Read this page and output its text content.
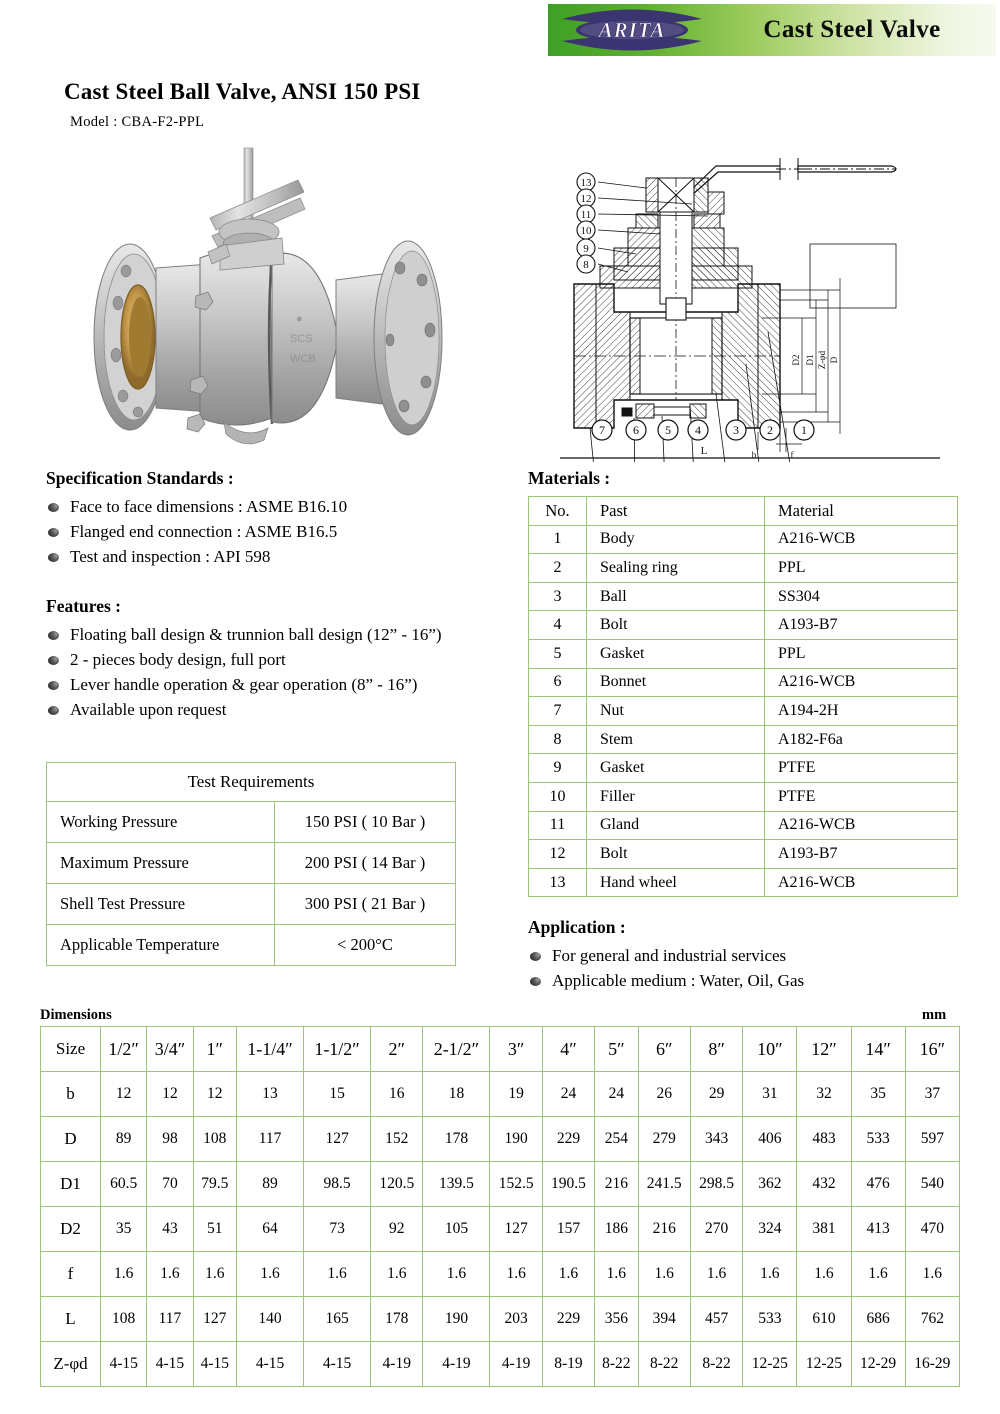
ARITA	Cast Steel Valve
Cast Steel Ball Valve, ANSI 150 PSI
Model : CBA-F2-PPL
●
SCS
WCB
13
12
11
10
9
8
D2 D1 D
Z-φd
f
b
7 6 5 4	3 2 1
L
Specification Standards :
Face to face dimensions : ASME B16.10
Flanged end connection : ASME B16.5
Test and inspection : API 598
Features :
Floating ball design & trunnion ball design (12” - 16”)
2 - pieces body design, full port
Lever handle operation & gear operation (8” - 16”)
Available upon request
Materials :
No.	Past	Material
1	Body	A216-WCB
2	Sealing ring	PPL
3	Ball	SS304
4	Bolt	A193-B7
5	Gasket	PPL
6	Bonnet	A216-WCB
7	Nut	A194-2H
8	Stem	A182-F6a
9	Gasket	PTFE
10	Filler	PTFE
11	Gland	A216-WCB
12	Bolt	A193-B7
13	Hand wheel	A216-WCB
Test Requirements	
Working Pressure	150 PSI ( 10 Bar )
Maximum Pressure	200 PSI ( 14 Bar )
Shell Test Pressure	300 PSI ( 21 Bar )
Applicable Temperature	< 200°C
Application :
For general and industrial services
Applicable medium : Water, Oil, Gas
Dimensions	mm
Size	1/2″	3/4″	1″	1-1/4″	1-1/2″	2″	2-1/2″	3″	4″	5″	6″	8″	10″	12″	14″	16″
b	12	12	12	13	15	16	18	19	24	24	26	29	31	32	35	37
D	89	98	108	117	127	152	178	190	229	254	279	343	406	483	533	597
D1	60.5	70	79.5	89	98.5	120.5	139.5	152.5	190.5	216	241.5	298.5	362	432	476	540
D2	35	43	51	64	73	92	105	127	157	186	216	270	324	381	413	470
f	1.6	1.6	1.6	1.6	1.6	1.6	1.6	1.6	1.6	1.6	1.6	1.6	1.6	1.6	1.6	1.6
L	108	117	127	140	165	178	190	203	229	356	394	457	533	610	686	762
Z-φd	4-15	4-15	4-15	4-15	4-15	4-19	4-19	4-19	8-19	8-22	8-22	8-22	12-25	12-25	12-29	16-29
